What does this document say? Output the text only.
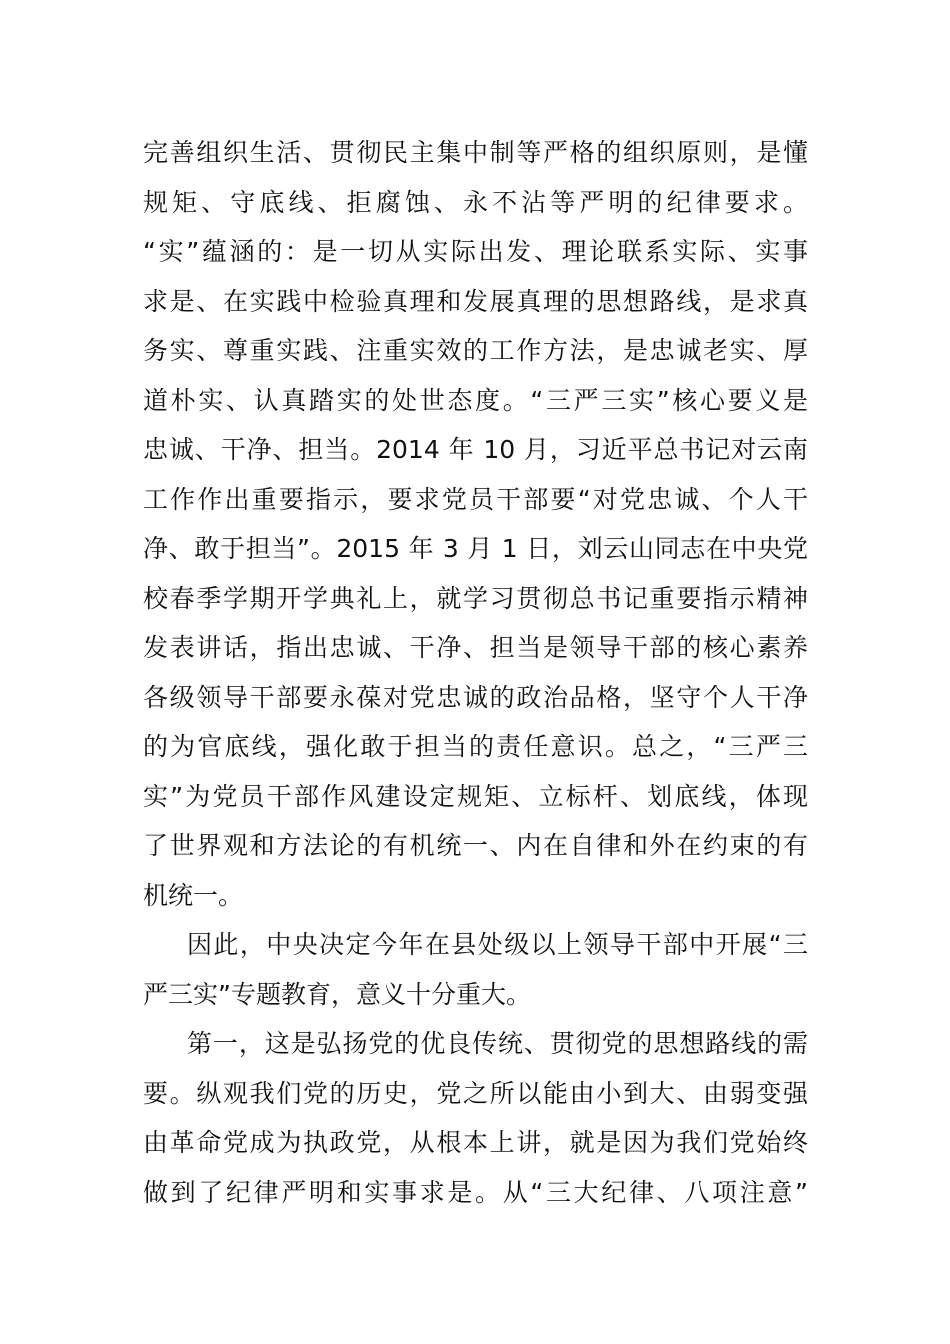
完善组织生活、贯彻民主集中制等严格的组织原则，是懂
规矩、守底线、拒腐蚀、永不沾等严明的纪律要求。
“实”蕴涵的：是一切从实际出发、理论联系实际、实事
求是、在实践中检验真理和发展真理的思想路线，是求真
务实、尊重实践、注重实效的工作方法，是忠诚老实、厚
道朴实、认真踏实的处世态度。“三严三实”核心要义是
忠诚、干净、担当。2014 年 10 月，习近平总书记对云南
工作作出重要指示，要求党员干部要“对党忠诚、个人干
净、敢于担当”。2015 年 3 月 1 日，刘云山同志在中央党
校春季学期开学典礼上，就学习贯彻总书记重要指示精神
发表讲话，指出忠诚、干净、担当是领导干部的核心素养
各级领导干部要永葆对党忠诚的政治品格，坚守个人干净
的为官底线，强化敢于担当的责任意识。总之，“三严三
实”为党员干部作风建设定规矩、立标杆、划底线，体现
了世界观和方法论的有机统一、内在自律和外在约束的有
机统一。
因此，中央决定今年在县处级以上领导干部中开展“三
严三实”专题教育，意义十分重大。
第一，这是弘扬党的优良传统、贯彻党的思想路线的需
要。纵观我们党的历史，党之所以能由小到大、由弱变强
由革命党成为执政党，从根本上讲，就是因为我们党始终
做到了纪律严明和实事求是。从“三大纪律、八项注意”
